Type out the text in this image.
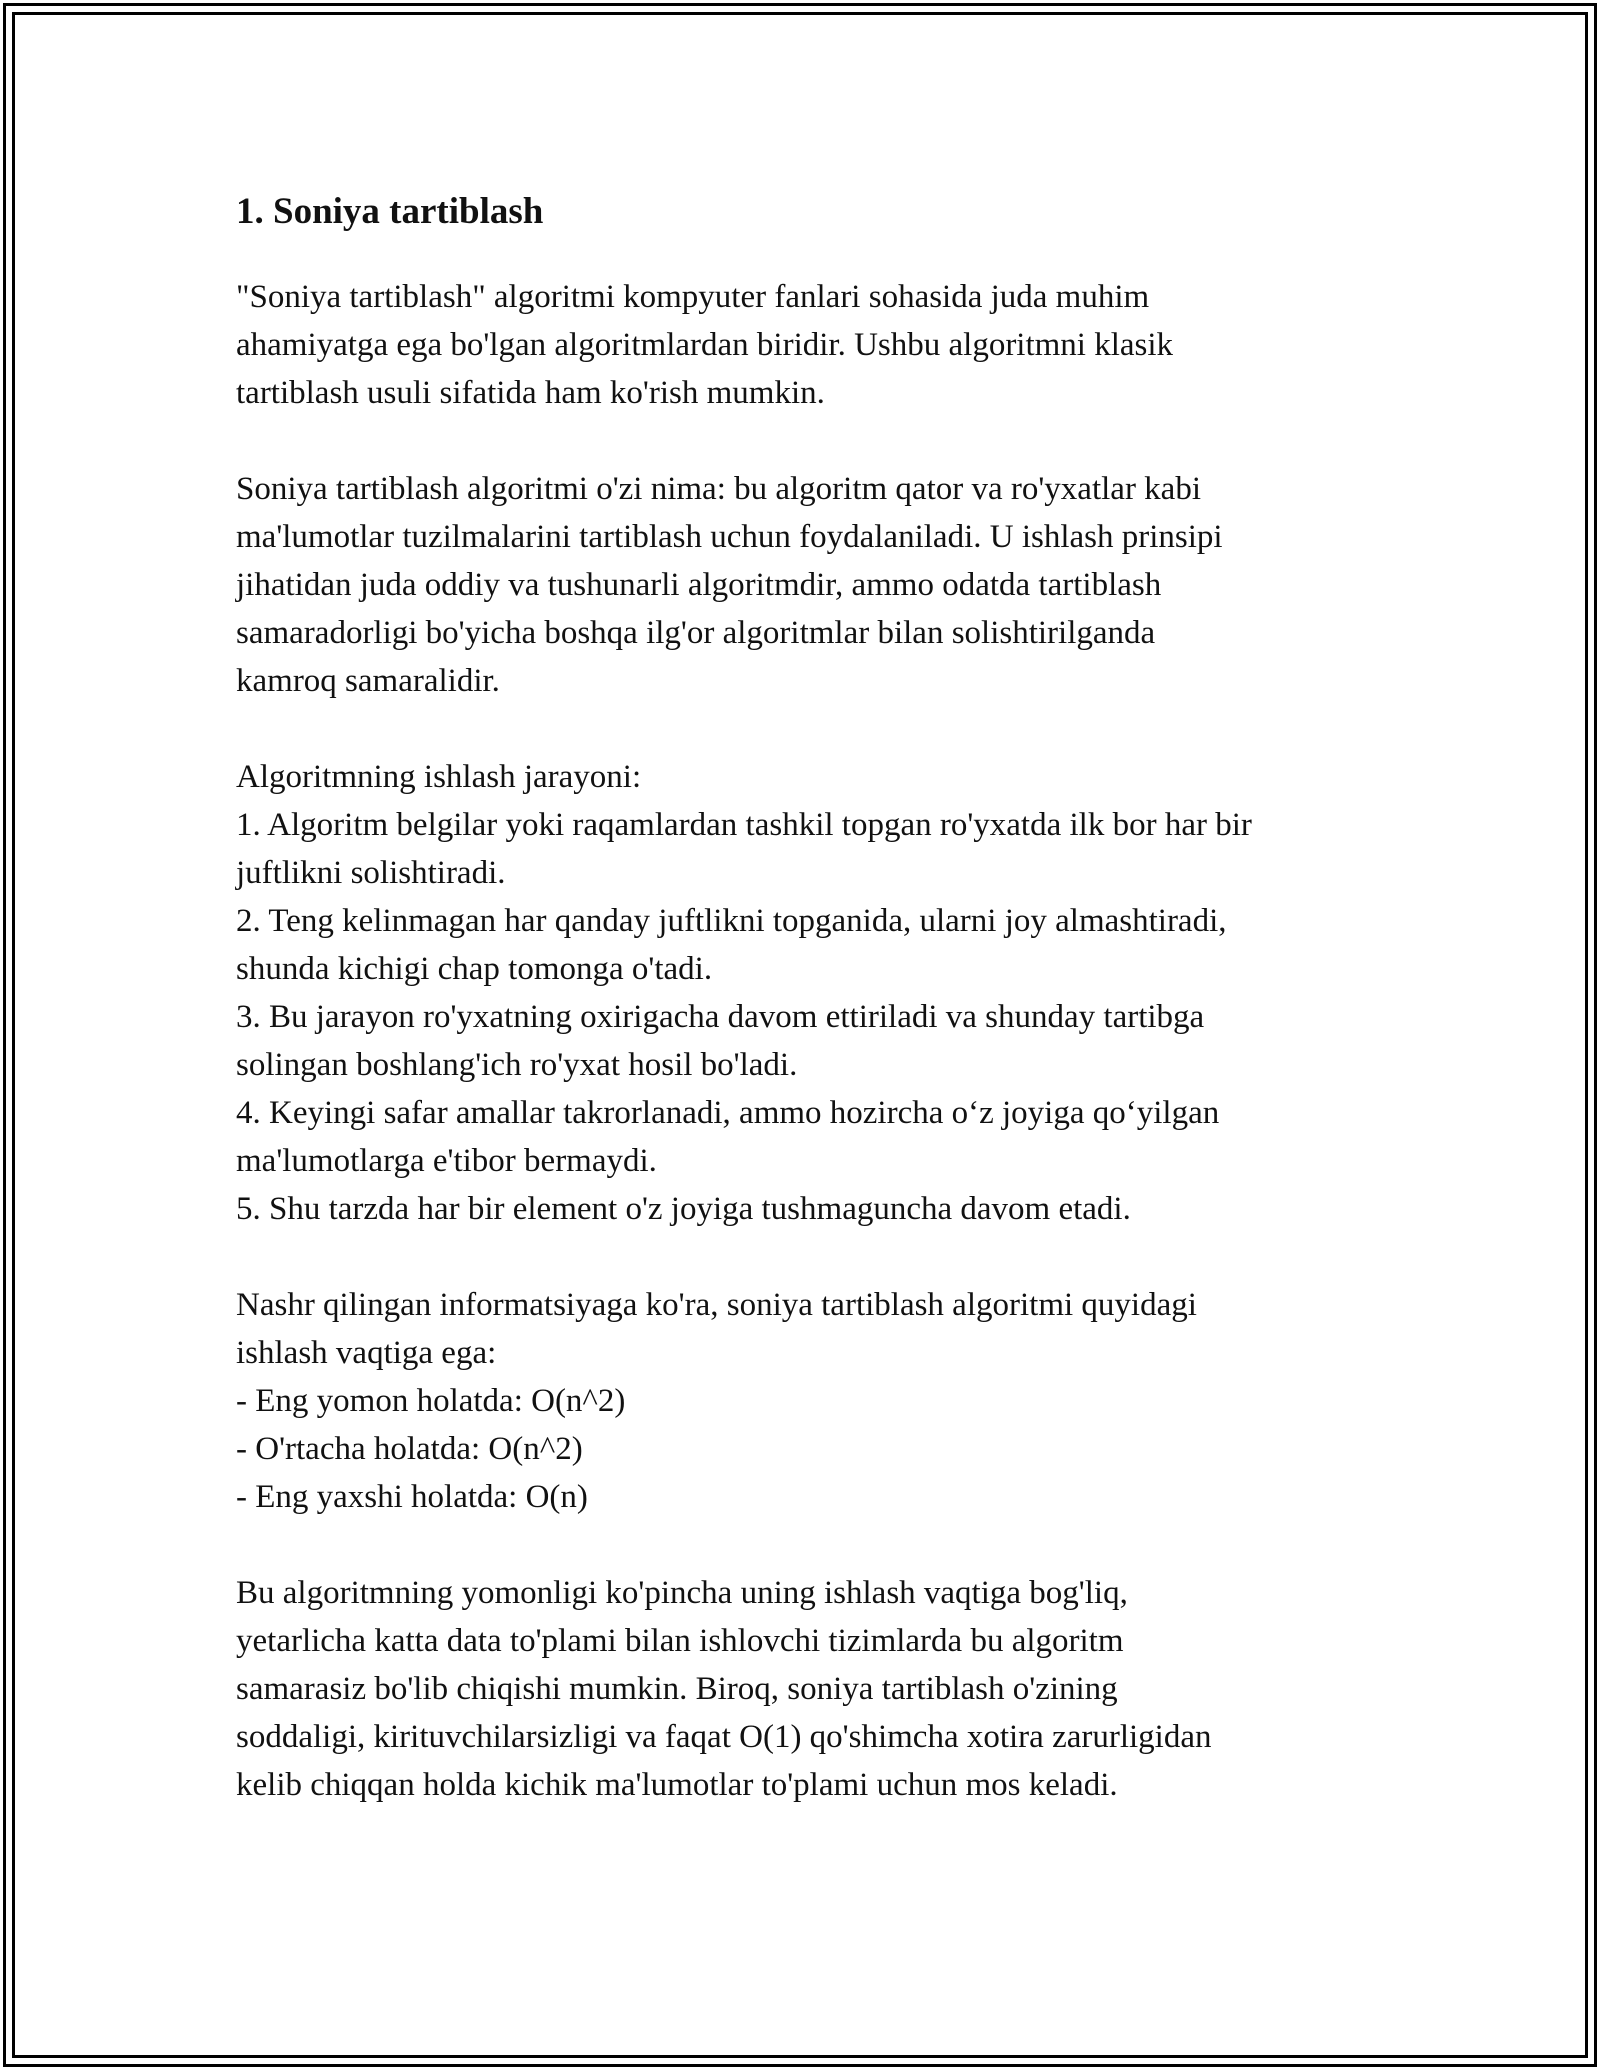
1. Soniya tartiblash

"Soniya tartiblash" algoritmi kompyuter fanlari sohasida juda muhim
ahamiyatga ega bo'lgan algoritmlardan biridir. Ushbu algoritmni klasik
tartiblash usuli sifatida ham ko'rish mumkin.

Soniya tartiblash algoritmi o'zi nima: bu algoritm qator va ro'yxatlar kabi
ma'lumotlar tuzilmalarini tartiblash uchun foydalaniladi. U ishlash prinsipi
jihatidan juda oddiy va tushunarli algoritmdir, ammo odatda tartiblash
samaradorligi bo'yicha boshqa ilg'or algoritmlar bilan solishtirilganda
kamroq samaralidir.

Algoritmning ishlash jarayoni:
1. Algoritm belgilar yoki raqamlardan tashkil topgan ro'yxatda ilk bor har bir
juftlikni solishtiradi.
2. Teng kelinmagan har qanday juftlikni topganida, ularni joy almashtiradi,
shunda kichigi chap tomonga o'tadi.
3. Bu jarayon ro'yxatning oxirigacha davom ettiriladi va shunday tartibga
solingan boshlang'ich ro'yxat hosil bo'ladi.
4. Keyingi safar amallar takrorlanadi, ammo hozircha o‘z joyiga qo‘yilgan
ma'lumotlarga e'tibor bermaydi.
5. Shu tarzda har bir element o'z joyiga tushmaguncha davom etadi.

Nashr qilingan informatsiyaga ko'ra, soniya tartiblash algoritmi quyidagi
ishlash vaqtiga ega:
- Eng yomon holatda: O(n^2)
- O'rtacha holatda: O(n^2)
- Eng yaxshi holatda: O(n)

Bu algoritmning yomonligi ko'pincha uning ishlash vaqtiga bog'liq,
yetarlicha katta data to'plami bilan ishlovchi tizimlarda bu algoritm
samarasiz bo'lib chiqishi mumkin. Biroq, soniya tartiblash o'zining
soddaligi, kirituvchilarsizligi va faqat O(1) qo'shimcha xotira zarurligidan
kelib chiqqan holda kichik ma'lumotlar to'plami uchun mos keladi.
